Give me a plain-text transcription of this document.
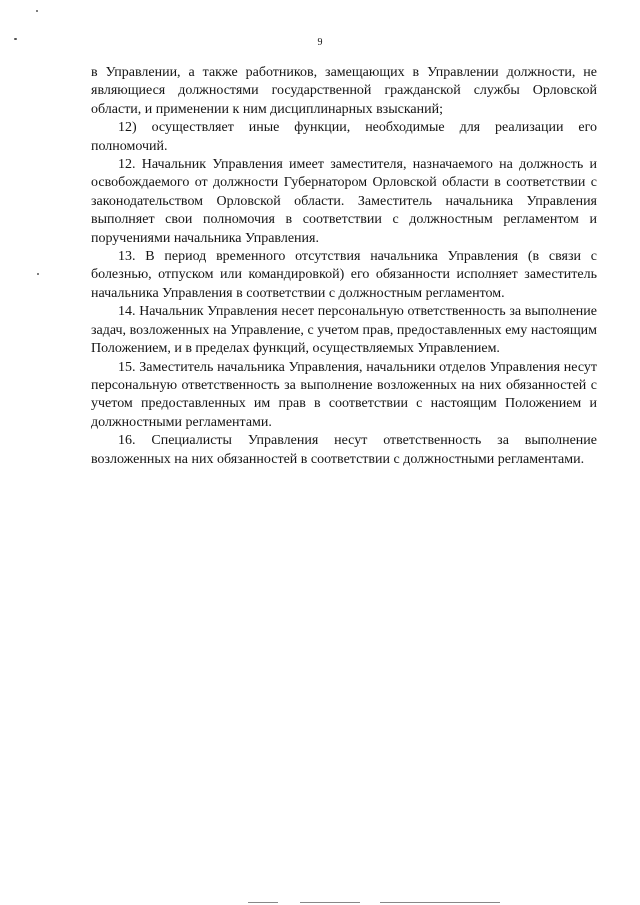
9

в Управлении, а также работников, замещающих в Управлении должности, не являющиеся должностями государственной гражданской службы Орловской области, и применении к ним дисциплинарных взысканий;

12) осуществляет иные функции, необходимые для реализации его полномочий.

12. Начальник Управления имеет заместителя, назначаемого на должность и освобождаемого от должности Губернатором Орловской области в соответствии с законодательством Орловской области. Заместитель начальника Управления выполняет свои полномочия в соответствии с должностным регламентом и поручениями начальника Управления.

13. В период временного отсутствия начальника Управления (в связи с болезнью, отпуском или командировкой) его обязанности исполняет заместитель начальника Управления в соответствии с должностным регламентом.

14. Начальник Управления несет персональную ответственность за выполнение задач, возложенных на Управление, с учетом прав, предоставленных ему настоящим Положением, и в пределах функций, осуществляемых Управлением.

15. Заместитель начальника Управления, начальники отделов Управления несут персональную ответственность за выполнение возложенных на них обязанностей с учетом предоставленных им прав в соответствии с настоящим Положением и должностными регламентами.

16. Специалисты Управления несут ответственность за выполнение возложенных на них обязанностей в соответствии с должностными регламентами.
